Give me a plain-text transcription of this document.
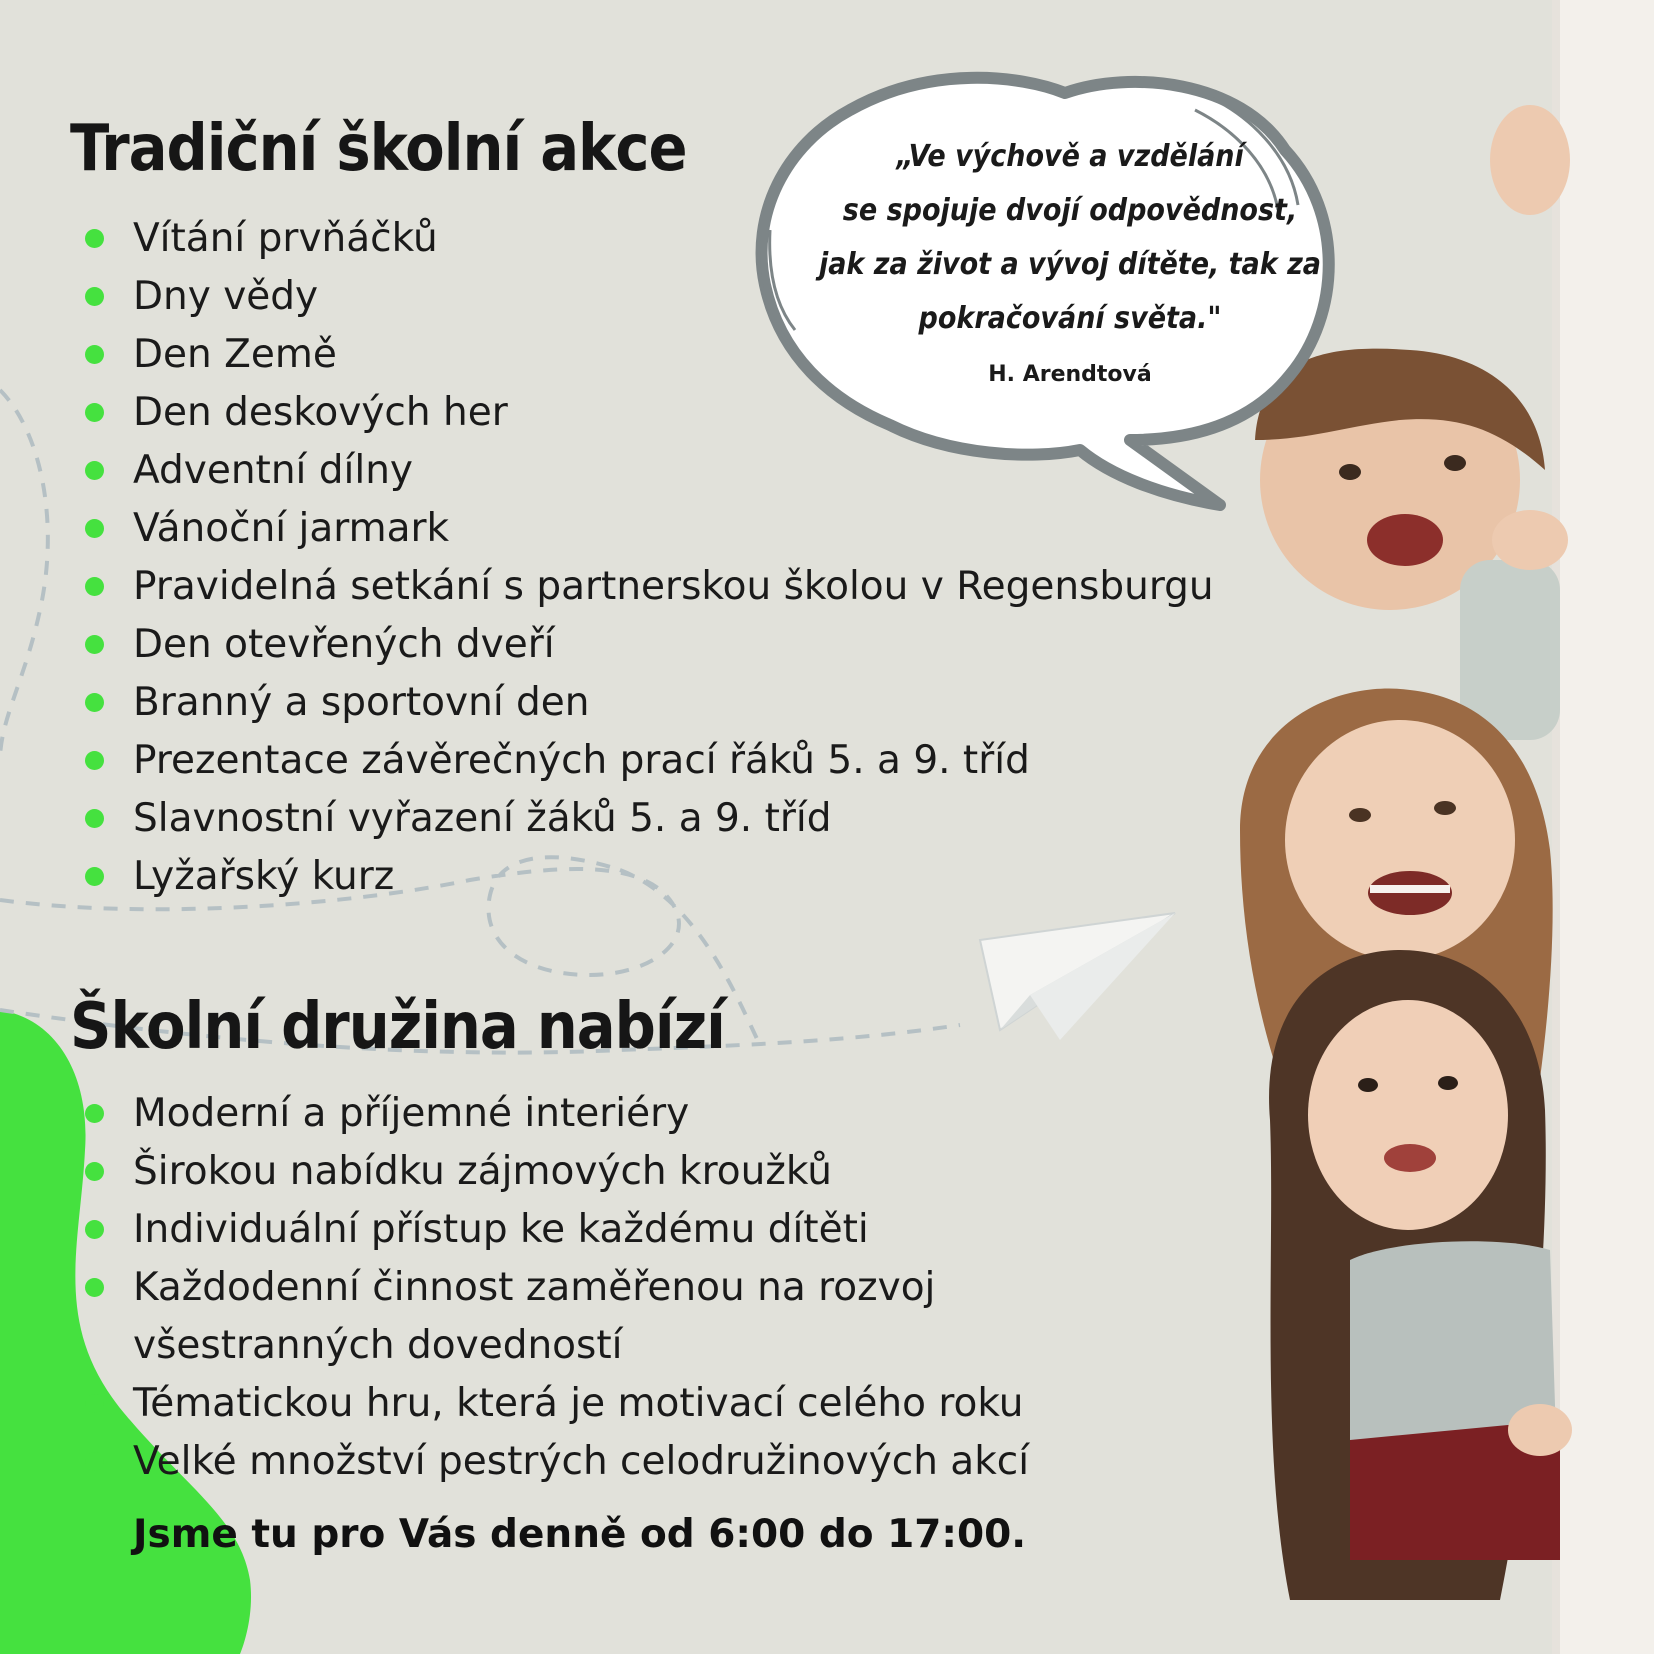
„Ve výchově a vzdělání
se spojuje dvojí odpovědnost,
jak za život a vývoj dítěte, tak za
pokračování světa."
H. Arendtová
Tradiční školní akce
Vítání prvňáčků
Dny vědy
Den Země
Den deskových her
Adventní dílny
Vánoční jarmark
Pravidelná setkání s partnerskou školou v Regensburgu
Den otevřených dveří
Branný a sportovní den
Prezentace závěrečných prací řáků 5. a 9. tříd
Slavnostní vyřazení žáků 5. a 9. tříd
Lyžařský kurz
Školní družina nabízí
Moderní a příjemné interiéry
Širokou nabídku zájmových kroužků
Individuální přístup ke každému dítěti
Každodenní činnost zaměřenou na rozvoj všestranných dovedností
Tématickou hru, která je motivací celého roku
Velké množství pestrých celodružinových akcí
Jsme tu pro Vás denně od 6:00 do 17:00.
